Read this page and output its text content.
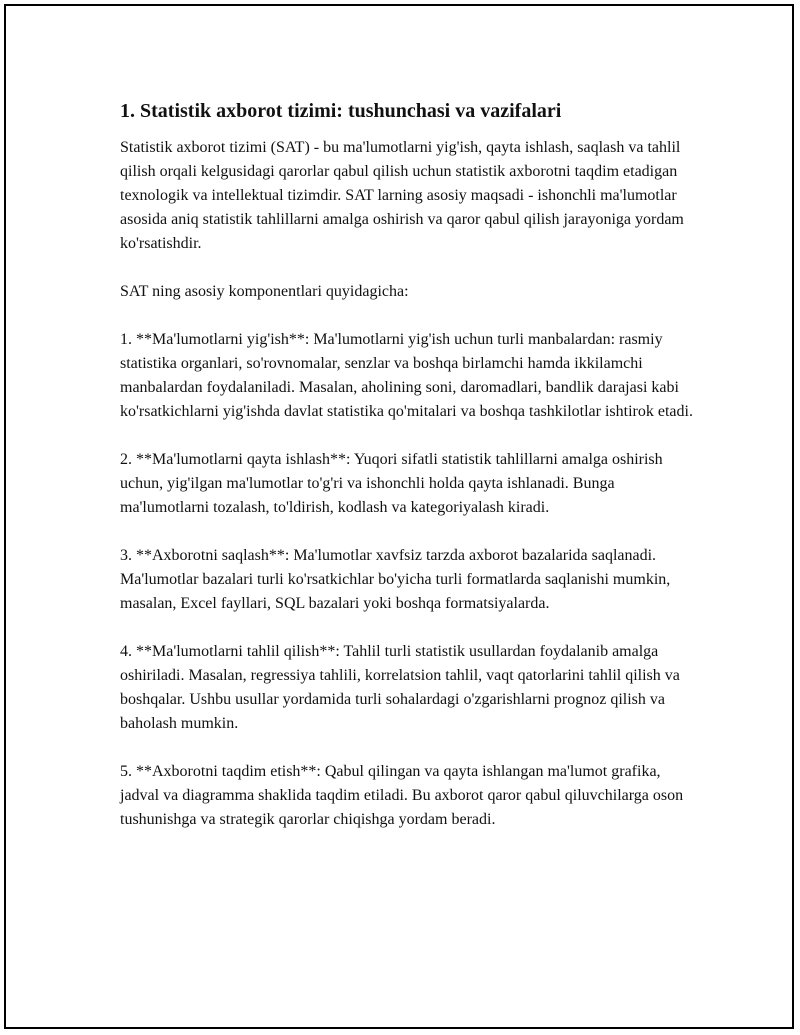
1. Statistik axborot tizimi: tushunchasi va vazifalari

Statistik axborot tizimi (SAT) - bu ma'lumotlarni yig'ish, qayta ishlash, saqlash va tahlil qilish orqali kelgusidagi qarorlar qabul qilish uchun statistik axborotni taqdim etadigan texnologik va intellektual tizimdir. SAT larning asosiy maqsadi - ishonchli ma'lumotlar asosida aniq statistik tahlillarni amalga oshirish va qaror qabul qilish jarayoniga yordam ko'rsatishdir.

SAT ning asosiy komponentlari quyidagicha:

1. **Ma'lumotlarni yig'ish**: Ma'lumotlarni yig'ish uchun turli manbalardan: rasmiy statistika organlari, so'rovnomalar, senzlar va boshqa birlamchi hamda ikkilamchi manbalardan foydalaniladi. Masalan, aholining soni, daromadlari, bandlik darajasi kabi ko'rsatkichlarni yig'ishda davlat statistika qo'mitalari va boshqa tashkilotlar ishtirok etadi.

2. **Ma'lumotlarni qayta ishlash**: Yuqori sifatli statistik tahlillarni amalga oshirish uchun, yig'ilgan ma'lumotlar to'g'ri va ishonchli holda qayta ishlanadi. Bunga ma'lumotlarni tozalash, to'ldirish, kodlash va kategoriyalash kiradi.

3. **Axborotni saqlash**: Ma'lumotlar xavfsiz tarzda axborot bazalarida saqlanadi. Ma'lumotlar bazalari turli ko'rsatkichlar bo'yicha turli formatlarda saqlanishi mumkin, masalan, Excel fayllari, SQL bazalari yoki boshqa formatsiyalarda.

4. **Ma'lumotlarni tahlil qilish**: Tahlil turli statistik usullardan foydalanib amalga oshiriladi. Masalan, regressiya tahlili, korrelatsion tahlil, vaqt qatorlarini tahlil qilish va boshqalar. Ushbu usullar yordamida turli sohalardagi o'zgarishlarni prognoz qilish va baholash mumkin.

5. **Axborotni taqdim etish**: Qabul qilingan va qayta ishlangan ma'lumot grafika, jadval va diagramma shaklida taqdim etiladi. Bu axborot qaror qabul qiluvchilarga oson tushunishga va strategik qarorlar chiqishga yordam beradi.
